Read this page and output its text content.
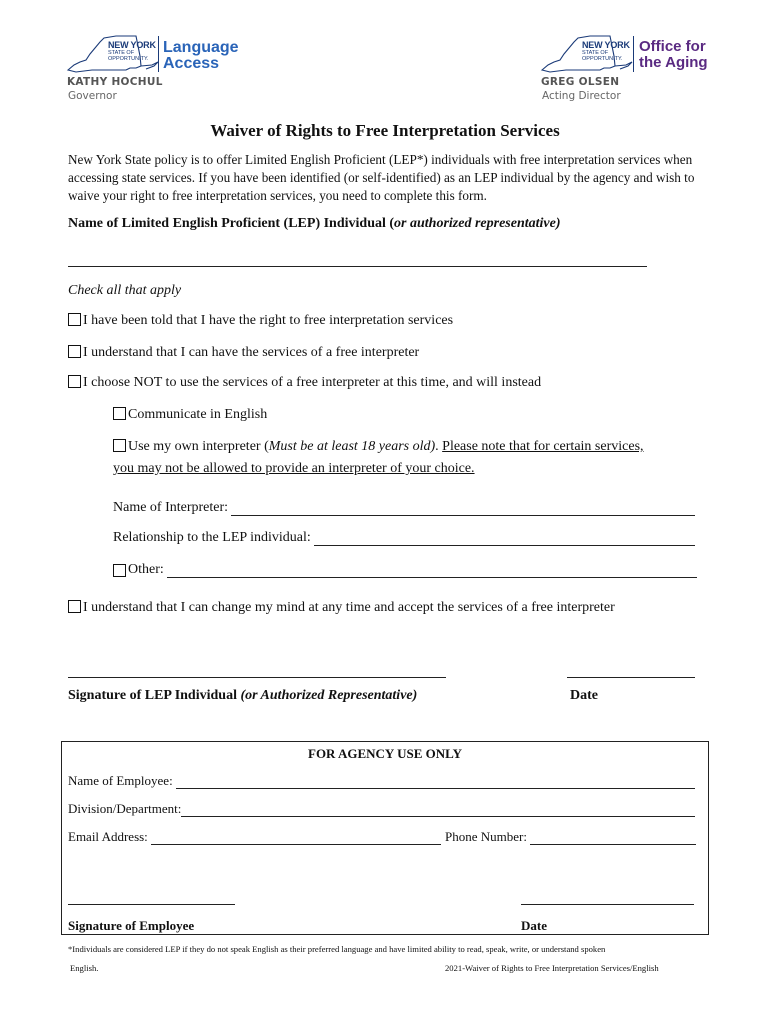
NEW YORK
STATE OF
OPPORTUNITY.
Language
Access
KATHY HOCHUL
Governor
NEW YORK
STATE OF
OPPORTUNITY.
Office for
the Aging
GREG OLSEN
Acting Director
Waiver of Rights to Free Interpretation Services
New York State policy is to offer Limited English Proficient (LEP*) individuals with free interpretation services when accessing state services. If you have been identified (or self-identified) as an LEP individual by the agency and wish to waive your right to free interpretation services, you need to complete this form.
Name of Limited English Proficient (LEP) Individual (or authorized representative)
Check all that apply
I have been told that I have the right to free interpretation services
I understand that I can have the services of a free interpreter
I choose NOT to use the services of a free interpreter at this time, and will instead
Communicate in English
Use my own interpreter (Must be at least 18 years old). Please note that for certain services,
you may not be allowed to provide an interpreter of your choice.
Name of Interpreter:
Relationship to the LEP individual:
Other:
I understand that I can change my mind at any time and accept the services of a free interpreter
Signature of LEP Individual (or Authorized Representative)	Date
FOR AGENCY USE ONLY
Name of Employee:
Division/Department:
Email Address:	Phone Number:
Signature of Employee	Date
*Individuals are considered LEP if they do not speak English as their preferred language and have limited ability to read, speak, write, or understand spoken
English.	2021-Waiver of Rights to Free Interpretation Services/English
